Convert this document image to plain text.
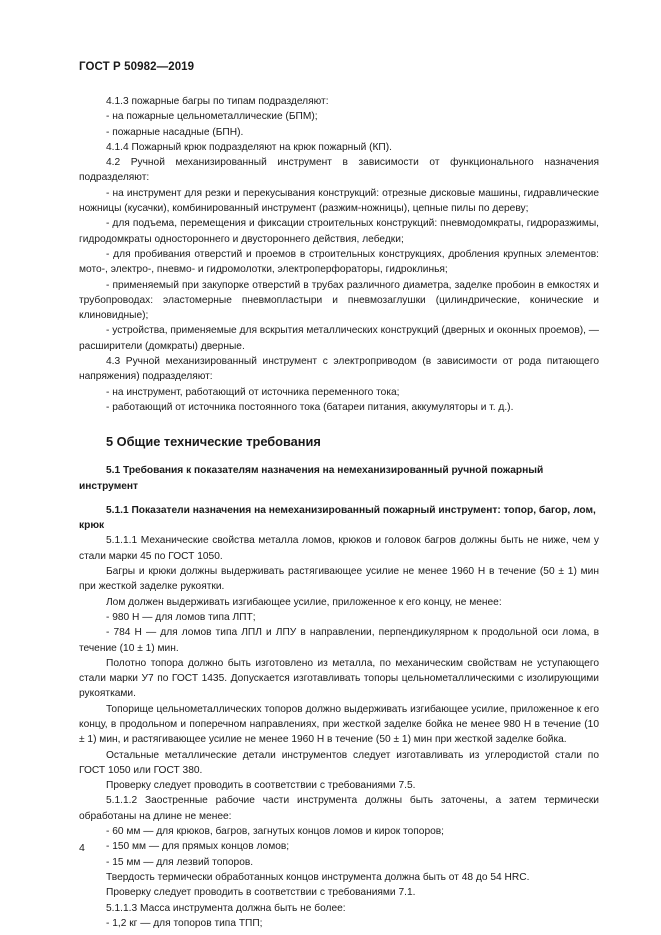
ГОСТ Р 50982—2019

4.1.3 пожарные багры по типам подразделяют:

- на пожарные цельнометаллические (БПМ);

- пожарные насадные (БПН).

4.1.4 Пожарный крюк подразделяют на крюк пожарный (КП).

4.2 Ручной механизированный инструмент в зависимости от функционального назначения подразделяют:

- на инструмент для резки и перекусывания конструкций: отрезные дисковые машины, гидравлические ножницы (кусачки), комбинированный инструмент (разжим-ножницы), цепные пилы по дереву;

- для подъема, перемещения и фиксации строительных конструкций: пневмодомкраты, гидроразжимы, гидродомкраты одностороннего и двустороннего действия, лебедки;

- для пробивания отверстий и проемов в строительных конструкциях, дробления крупных элементов: мото-, электро-, пневмо- и гидромолотки, электроперфораторы, гидроклинья;

- применяемый при закупорке отверстий в трубах различного диаметра, заделке пробоин в емкостях и трубопроводах: эластомерные пневмопластыри и пневмозаглушки (цилиндрические, конические и клиновидные);

- устройства, применяемые для вскрытия металлических конструкций (дверных и оконных проемов), — расширители (домкраты) дверные.

4.3 Ручной механизированный инструмент с электроприводом (в зависимости от рода питающего напряжения) подразделяют:

- на инструмент, работающий от источника переменного тока;

- работающий от источника постоянного тока (батареи питания, аккумуляторы и т. д.).

5 Общие технические требования

5.1 Требования к показателям назначения на немеханизированный ручной пожарный инструмент

5.1.1 Показатели назначения на немеханизированный пожарный инструмент: топор, багор, лом, крюк

5.1.1.1 Механические свойства металла ломов, крюков и головок багров должны быть не ниже, чем у стали марки 45 по ГОСТ 1050.

Багры и крюки должны выдерживать растягивающее усилие не менее 1960 Н в течение (50 ± 1) мин при жесткой заделке рукоятки.

Лом должен выдерживать изгибающее усилие, приложенное к его концу, не менее:

- 980 Н — для ломов типа ЛПТ;

- 784 Н — для ломов типа ЛПЛ и ЛПУ в направлении, перпендикулярном к продольной оси лома, в течение (10 ± 1) мин.

Полотно топора должно быть изготовлено из металла, по механическим свойствам не уступающего стали марки У7 по ГОСТ 1435. Допускается изготавливать топоры цельнометаллическими с изолирующими рукоятками.

Топорище цельнометаллических топоров должно выдерживать изгибающее усилие, приложенное к его концу, в продольном и поперечном направлениях, при жесткой заделке бойка не менее 980 Н в течение (10 ± 1) мин, и растягивающее усилие не менее 1960 Н в течение (50 ± 1) мин при жесткой заделке бойка.

Остальные металлические детали инструментов следует изготавливать из углеродистой стали по ГОСТ 1050 или ГОСТ 380.

Проверку следует проводить в соответствии с требованиями 7.5.

5.1.1.2 Заостренные рабочие части инструмента должны быть заточены, а затем термически обработаны на длине не менее:

- 60 мм — для крюков, багров, загнутых концов ломов и кирок топоров;

- 150 мм — для прямых концов ломов;

- 15 мм — для лезвий топоров.

Твердость термически обработанных концов инструмента должна быть от 48 до 54 HRC.

Проверку следует проводить в соответствии с требованиями 7.1.

5.1.1.3 Масса инструмента должна быть не более:

- 1,2 кг — для топоров типа ТПП;

4
